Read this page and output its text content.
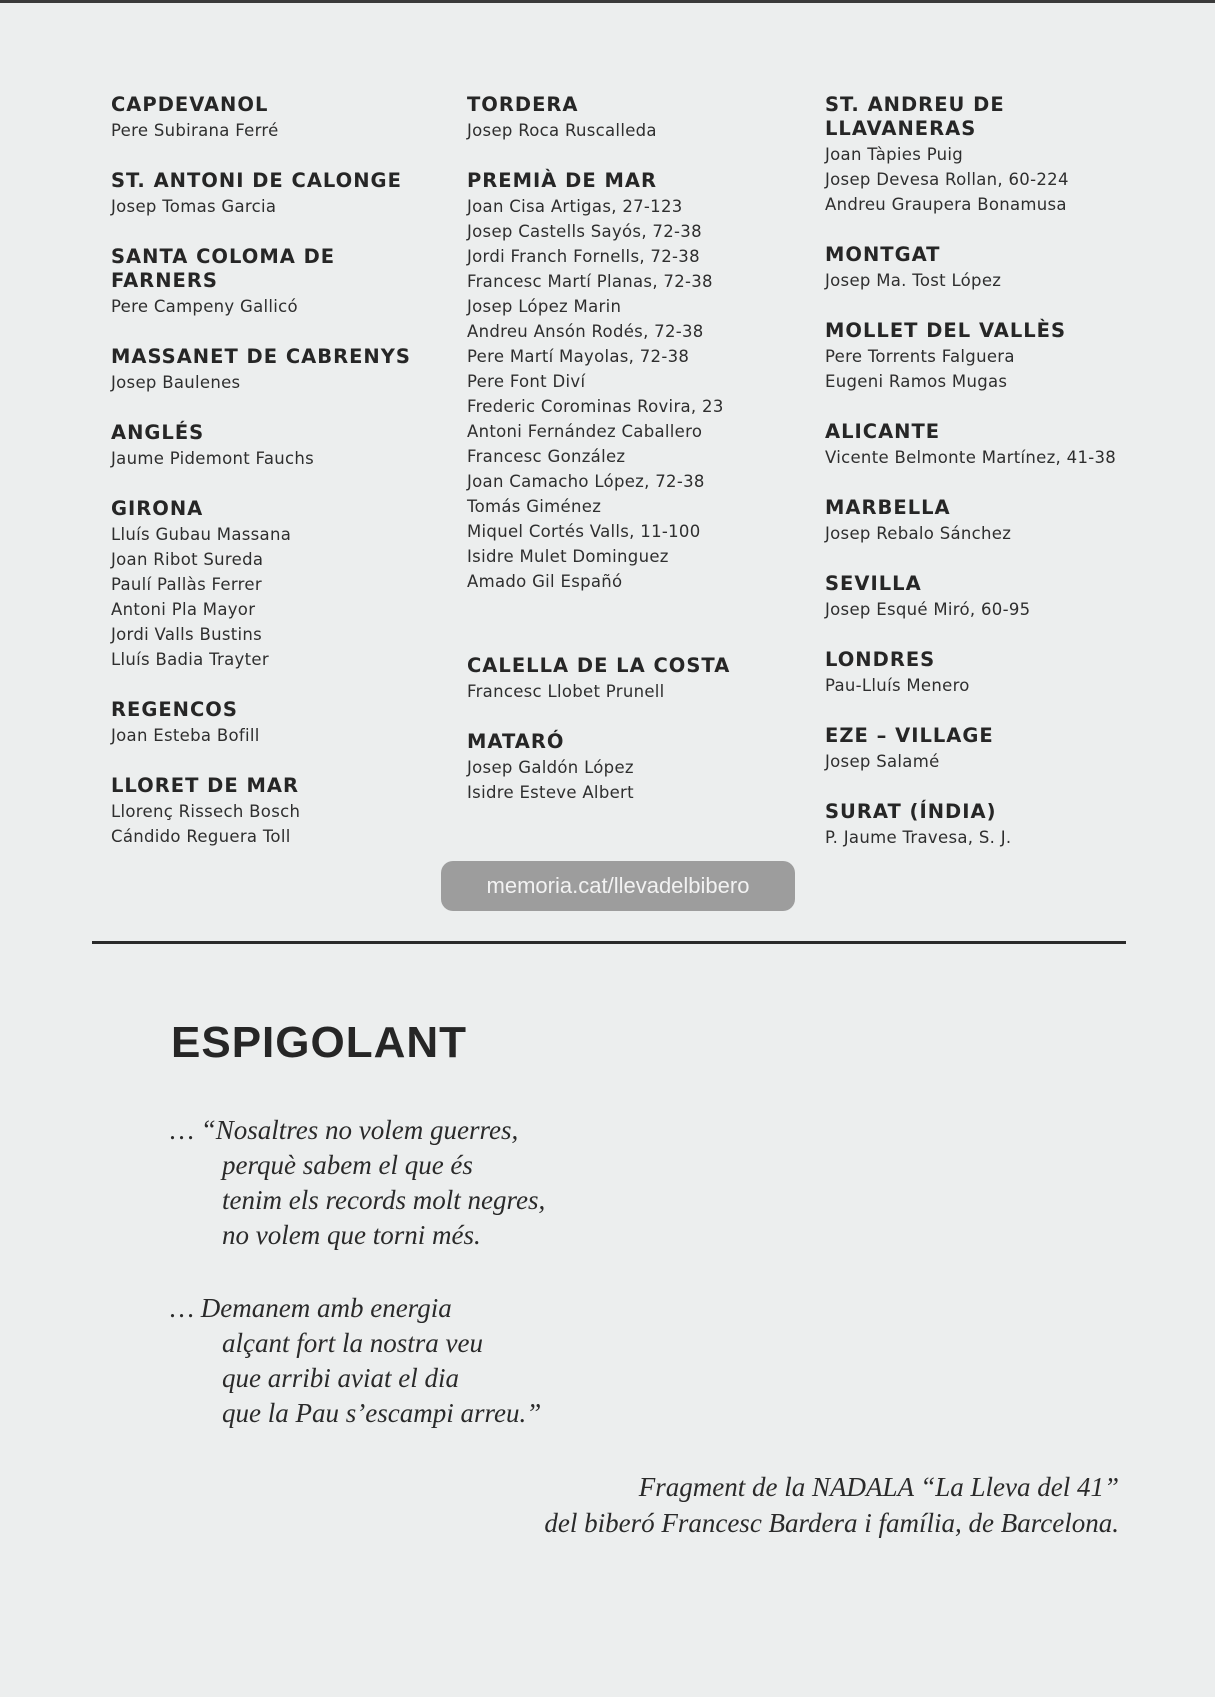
CAPDEVANOL
Pere Subirana Ferré
ST. ANTONI DE CALONGE
Josep Tomas Garcia
SANTA COLOMA DE FARNERS
Pere Campeny Gallicó
MASSANET DE CABRENYS
Josep Baulenes
ANGLÉS
Jaume Pidemont Fauchs
GIRONA
Lluís Gubau Massana
Joan Ribot Sureda
Paulí Pallàs Ferrer
Antoni Pla Mayor
Jordi Valls Bustins
Lluís Badia Trayter
REGENCOS
Joan Esteba Bofill
LLORET DE MAR
Llorenç Rissech Bosch
Cándido Reguera Toll
TORDERA
Josep Roca Ruscalleda
PREMIÀ DE MAR
Joan Cisa Artigas, 27-123
Josep Castells Sayós, 72-38
Jordi Franch Fornells, 72-38
Francesc Martí Planas, 72-38
Josep López Marin
Andreu Ansón Rodés, 72-38
Pere Martí Mayolas, 72-38
Pere Font Diví
Frederic Corominas Rovira, 23
Antoni Fernández Caballero
Francesc González
Joan Camacho López, 72-38
Tomás Giménez
Miquel Cortés Valls, 11-100
Isidre Mulet Dominguez
Amado Gil Españó
CALELLA DE LA COSTA
Francesc Llobet Prunell
MATARÓ
Josep Galdón López
Isidre Esteve Albert
ST. ANDREU DE LLAVANERAS
Joan Tàpies Puig
Josep Devesa Rollan, 60-224
Andreu Graupera Bonamusa
MONTGAT
Josep Ma. Tost López
MOLLET DEL VALLÈS
Pere Torrents Falguera
Eugeni Ramos Mugas
ALICANTE
Vicente Belmonte Martínez, 41-38
MARBELLA
Josep Rebalo Sánchez
SEVILLA
Josep Esqué Miró, 60-95
LONDRES
Pau-Lluís Menero
EZE – VILLAGE
Josep Salamé
SURAT (ÍNDIA)
P. Jaume Travesa, S. J.
memoria.cat/llevadelbibero
ESPIGOLANT
… “Nosaltres no volem guerres,
perquè sabem el que és
tenim els records molt negres,
no volem que torni més.
… Demanem amb energia
alçant fort la nostra veu
que arribi aviat el dia
que la Pau s’escampi arreu.”
Fragment de la NADALA “La Lleva del 41”
del biberó Francesc Bardera i família, de Barcelona.
